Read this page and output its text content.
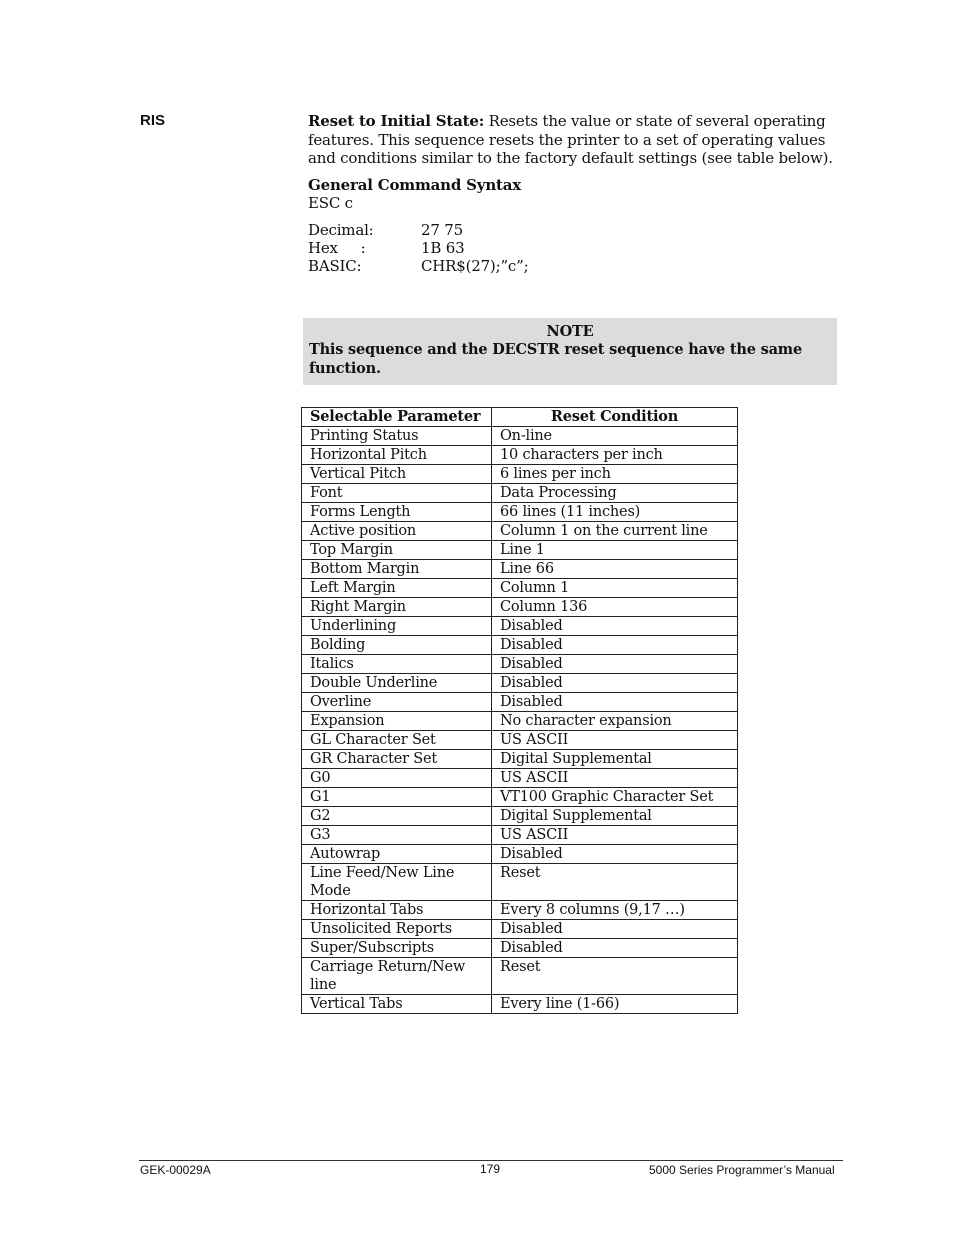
RIS	Reset to Initial State: Resets the value or state of several operating features. This sequence resets the printer to a set of operating values and conditions similar to the factory default settings (see table below).

General Command Syntax

ESC c

Decimal:	27 75
Hex     :	1B 63
BASIC:	CHR$(27);”c”;
NOTE
This sequence and the DECSTR reset sequence have the same function.
Selectable Parameter	Reset Condition
Printing Status	On-line
Horizontal Pitch	10 characters per inch
Vertical Pitch	6 lines per inch
Font	Data Processing
Forms Length	66 lines (11 inches)
Active position	Column 1 on the current line
Top Margin	Line 1
Bottom Margin	Line 66
Left Margin	Column 1
Right Margin	Column 136
Underlining	Disabled
Bolding	Disabled
Italics	Disabled
Double Underline	Disabled
Overline	Disabled
Expansion	No character expansion
GL Character Set	US ASCII
GR Character Set	Digital Supplemental
G0	US ASCII
G1	VT100 Graphic Character Set
G2	Digital Supplemental
G3	US ASCII
Autowrap	Disabled
Line Feed/New Line Mode	Reset
Horizontal Tabs	Every 8 columns (9,17 …)
Unsolicited Reports	Disabled
Super/Subscripts	Disabled
Carriage Return/New line	Reset
Vertical Tabs	Every line (1-66)
GEK-00029A	179	5000 Series Programmer’s Manual
